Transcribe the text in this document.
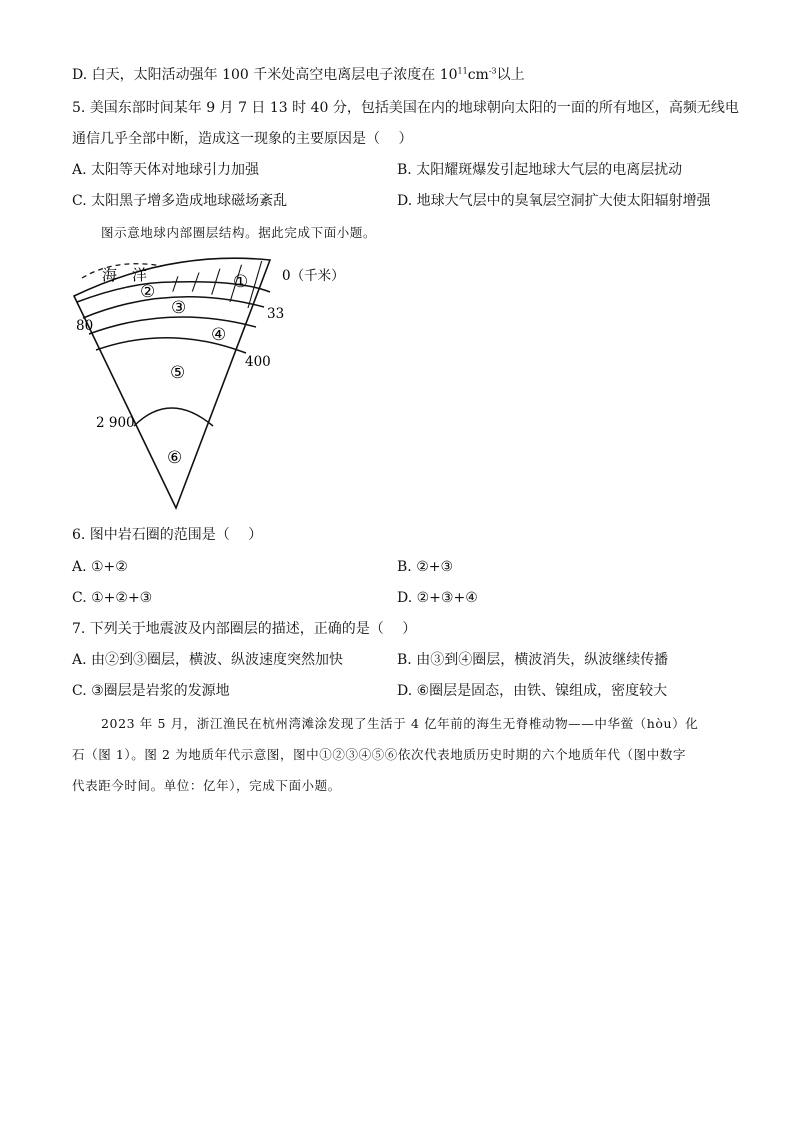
D. 白天，太阳活动强年 100 千米处高空电离层电子浓度在 $10^{11}cm^{-3}$以上
5. 美国东部时间某年 9 月 7 日 13 时 40 分，包括美国在内的地球朝向太阳的一面的所有地区，高频无线电
通信几乎全部中断，造成这一现象的主要原因是（　 ）
A. 太阳等天体对地球引力加强	B. 太阳耀斑爆发引起地球大气层的电离层扰动
C. 太阳黑子增多造成地球磁场紊乱	D. 地球大气层中的臭氧层空洞扩大使太阳辐射增强
图示意地球内部圈层结构。据此完成下面小题。
海　洋	①
②
③
④
⑤
⑥
0（千米）
33
80
400
2 900
6. 图中岩石圈的范围是（　 ）
A. ①+②	B. ②+③
C. ①+②+③	D. ②+③+④
7. 下列关于地震波及内部圈层的描述，正确的是（　 ）
A. 由②到③圈层，横波、纵波速度突然加快	B. 由③到④圈层，横波消失，纵波继续传播
C. ③圈层是岩浆的发源地	D. ⑥圈层是固态，由铁、镍组成，密度较大
2023 年 5 月，浙江渔民在杭州湾滩涂发现了生活于 4 亿年前的海生无脊椎动物——中华鲎（hòu）化
石（图 1）。图 2 为地质年代示意图，图中①②③④⑤⑥依次代表地质历史时期的六个地质年代（图中数字
代表距今时间。单位：亿年），完成下面小题。
